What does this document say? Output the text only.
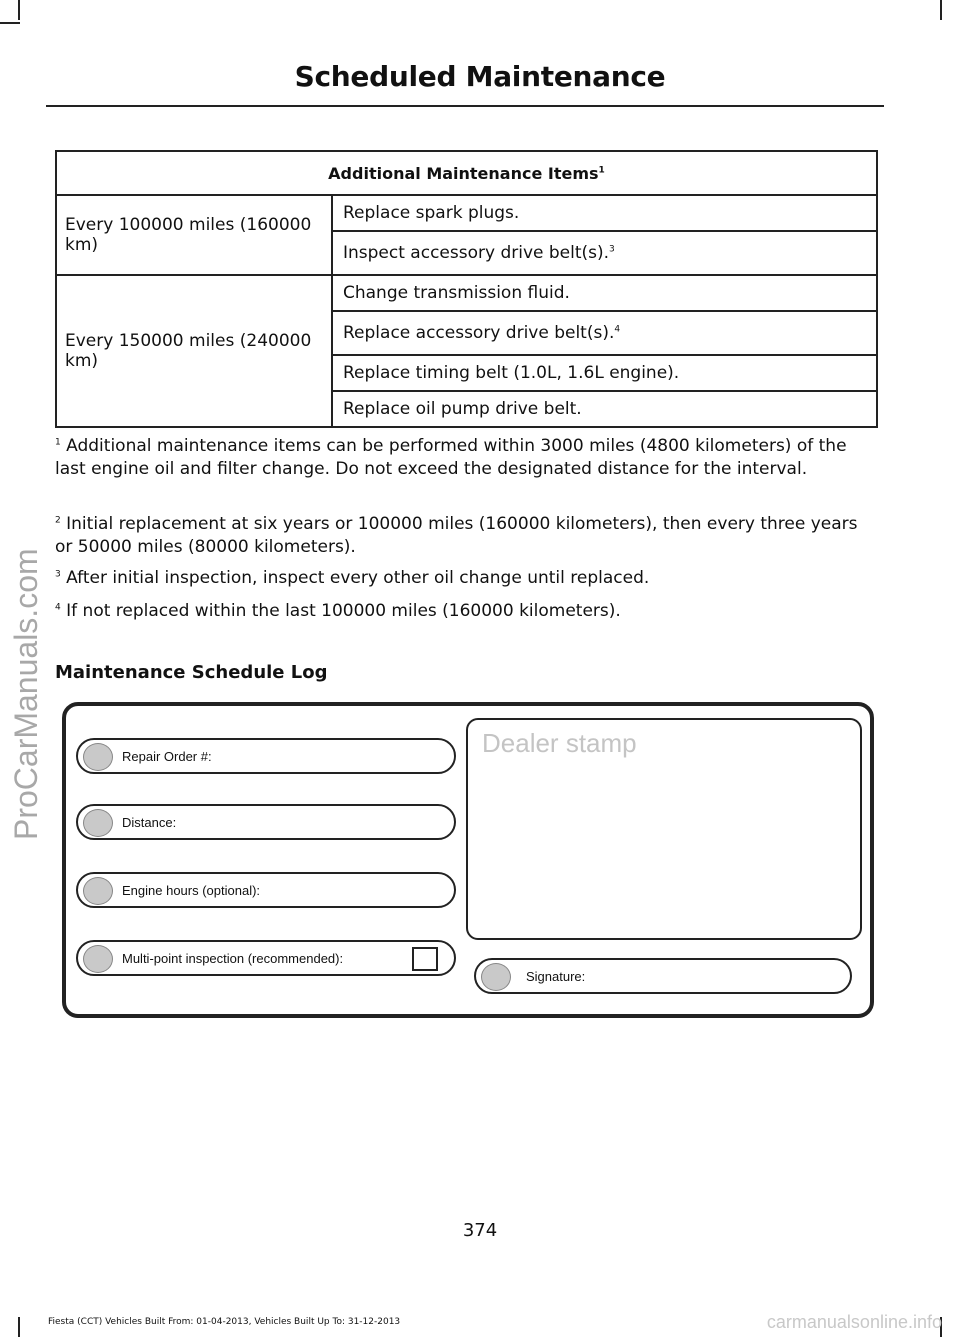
Scheduled Maintenance
ProCarManuals.com
Additional Maintenance Items$^1$
Every 100000 miles (160000 km)	Replace spark plugs.
	Inspect accessory drive belt(s).$^3$
Every 150000 miles (240000 km)	Change transmission fluid.
	Replace accessory drive belt(s).$^4$
	Replace timing belt (1.0L, 1.6L engine).
	Replace oil pump drive belt.
$^1$ Additional maintenance items can be performed within 3000 miles (4800 kilometers) of the last engine oil and filter change. Do not exceed the designated distance for the interval.
$^2$ Initial replacement at six years or 100000 miles (160000 kilometers), then every three years or 50000 miles (80000 kilometers).
$^3$ After initial inspection, inspect every other oil change until replaced.
$^4$ If not replaced within the last 100000 miles (160000 kilometers).
Maintenance Schedule Log
Repair Order #:
Distance:
Engine hours (optional):
Multi-point inspection (recommended):
Dealer stamp
Signature:
374
Fiesta (CCT) Vehicles Built From: 01-04-2013, Vehicles Built Up To: 31-12-2013	carmanualsonline.info
